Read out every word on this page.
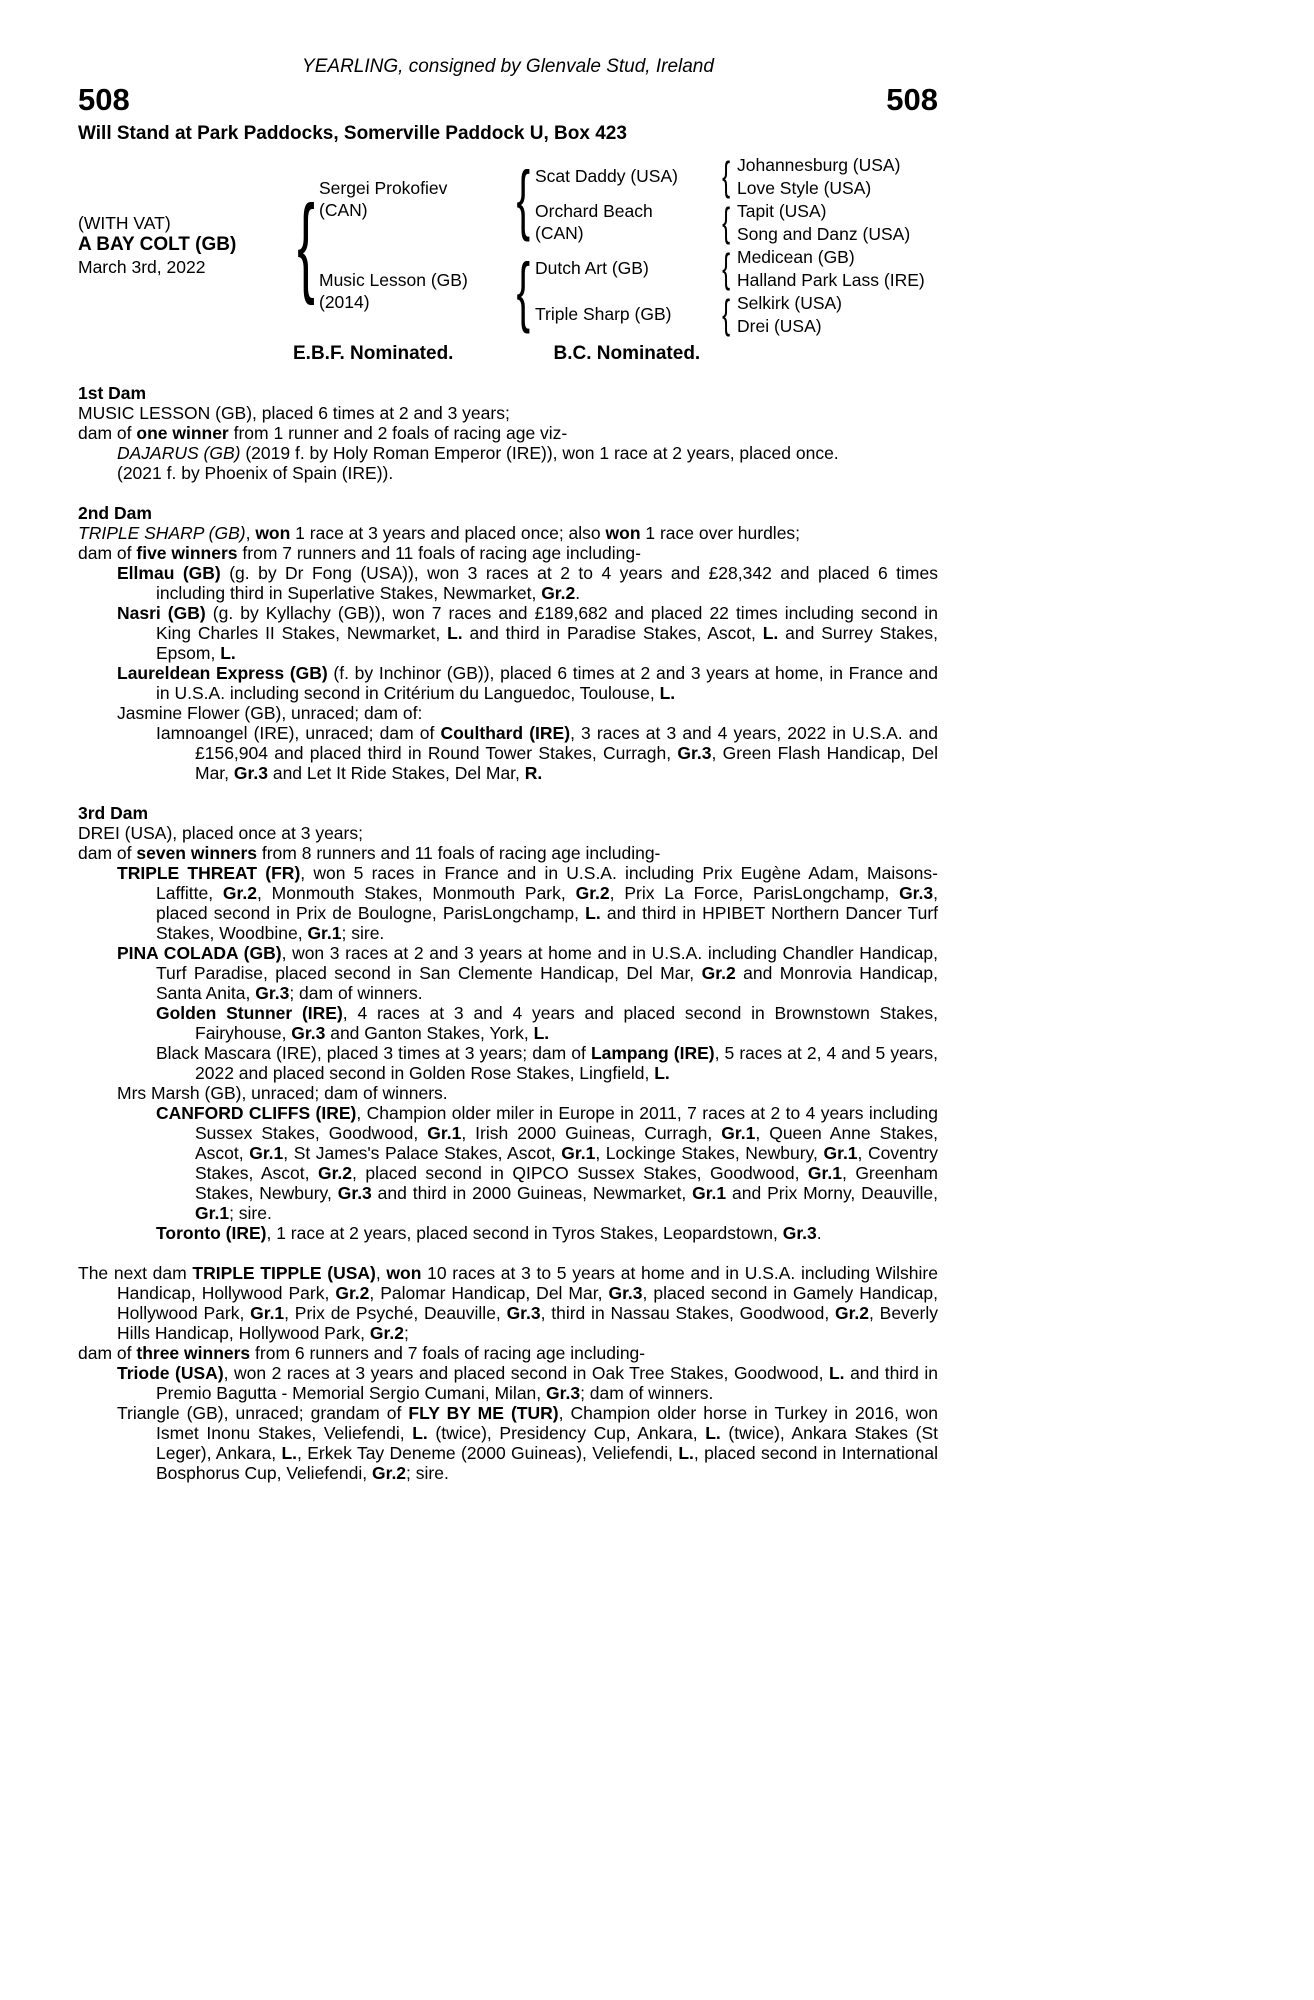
YEARLING, consigned by Glenvale Stud, Ireland
508	508
Will Stand at Park Paddocks, Somerville Paddock U, Box 423
(WITH VAT)
A BAY COLT (GB)
March 3rd, 2022 { Sergei Prokofiev
(CAN)
Music Lesson (GB)
(2014)
{
{
Scat Daddy (USA)
Orchard Beach
(CAN)
Dutch Art (GB)
Triple Sharp (GB)
{
{
{
{
Johannesburg (USA)
Love Style (USA)
Tapit (USA)
Song and Danz (USA)
Medicean (GB)
Halland Park Lass (IRE)
Selkirk (USA)
Drei (USA)
E.B.F. Nominated.	B.C. Nominated.

1st Dam

MUSIC LESSON (GB), placed 6 times at 2 and 3 years;

dam of one winner from 1 runner and 2 foals of racing age viz-

DAJARUS (GB) (2019 f. by Holy Roman Emperor (IRE)), won 1 race at 2 years, placed once.

(2021 f. by Phoenix of Spain (IRE)).

2nd Dam

TRIPLE SHARP (GB), won 1 race at 3 years and placed once; also won 1 race over hurdles;

dam of five winners from 7 runners and 11 foals of racing age including-

Ellmau (GB) (g. by Dr Fong (USA)), won 3 races at 2 to 4 years and £28,342 and placed 6 times including third in Superlative Stakes, Newmarket, Gr.2.

Nasri (GB) (g. by Kyllachy (GB)), won 7 races and £189,682 and placed 22 times including second in King Charles II Stakes, Newmarket, L. and third in Paradise Stakes, Ascot, L. and Surrey Stakes, Epsom, L.

Laureldean Express (GB) (f. by Inchinor (GB)), placed 6 times at 2 and 3 years at home, in France and in U.S.A. including second in Critérium du Languedoc, Toulouse, L.

Jasmine Flower (GB), unraced; dam of:

Iamnoangel (IRE), unraced; dam of Coulthard (IRE), 3 races at 3 and 4 years, 2022 in U.S.A. and £156,904 and placed third in Round Tower Stakes, Curragh, Gr.3, Green Flash Handicap, Del Mar, Gr.3 and Let It Ride Stakes, Del Mar, R.

3rd Dam

DREI (USA), placed once at 3 years;

dam of seven winners from 8 runners and 11 foals of racing age including-

TRIPLE THREAT (FR), won 5 races in France and in U.S.A. including Prix Eugène Adam, Maisons-Laffitte, Gr.2, Monmouth Stakes, Monmouth Park, Gr.2, Prix La Force, ParisLongchamp, Gr.3, placed second in Prix de Boulogne, ParisLongchamp, L. and third in HPIBET Northern Dancer Turf Stakes, Woodbine, Gr.1; sire.

PINA COLADA (GB), won 3 races at 2 and 3 years at home and in U.S.A. including Chandler Handicap, Turf Paradise, placed second in San Clemente Handicap, Del Mar, Gr.2 and Monrovia Handicap, Santa Anita, Gr.3; dam of winners.

Golden Stunner (IRE), 4 races at 3 and 4 years and placed second in Brownstown Stakes, Fairyhouse, Gr.3 and Ganton Stakes, York, L.

Black Mascara (IRE), placed 3 times at 3 years; dam of Lampang (IRE), 5 races at 2, 4 and 5 years, 2022 and placed second in Golden Rose Stakes, Lingfield, L.

Mrs Marsh (GB), unraced; dam of winners.

CANFORD CLIFFS (IRE), Champion older miler in Europe in 2011, 7 races at 2 to 4 years including Sussex Stakes, Goodwood, Gr.1, Irish 2000 Guineas, Curragh, Gr.1, Queen Anne Stakes, Ascot, Gr.1, St James's Palace Stakes, Ascot, Gr.1, Lockinge Stakes, Newbury, Gr.1, Coventry Stakes, Ascot, Gr.2, placed second in QIPCO Sussex Stakes, Goodwood, Gr.1, Greenham Stakes, Newbury, Gr.3 and third in 2000 Guineas, Newmarket, Gr.1 and Prix Morny, Deauville, Gr.1; sire.

Toronto (IRE), 1 race at 2 years, placed second in Tyros Stakes, Leopardstown, Gr.3.

The next dam TRIPLE TIPPLE (USA), won 10 races at 3 to 5 years at home and in U.S.A. including Wilshire Handicap, Hollywood Park, Gr.2, Palomar Handicap, Del Mar, Gr.3, placed second in Gamely Handicap, Hollywood Park, Gr.1, Prix de Psyché, Deauville, Gr.3, third in Nassau Stakes, Goodwood, Gr.2, Beverly Hills Handicap, Hollywood Park, Gr.2;

dam of three winners from 6 runners and 7 foals of racing age including-

Triode (USA), won 2 races at 3 years and placed second in Oak Tree Stakes, Goodwood, L. and third in Premio Bagutta - Memorial Sergio Cumani, Milan, Gr.3; dam of winners.

Triangle (GB), unraced; grandam of FLY BY ME (TUR), Champion older horse in Turkey in 2016, won Ismet Inonu Stakes, Veliefendi, L. (twice), Presidency Cup, Ankara, L. (twice), Ankara Stakes (St Leger), Ankara, L., Erkek Tay Deneme (2000 Guineas), Veliefendi, L., placed second in International Bosphorus Cup, Veliefendi, Gr.2; sire.
